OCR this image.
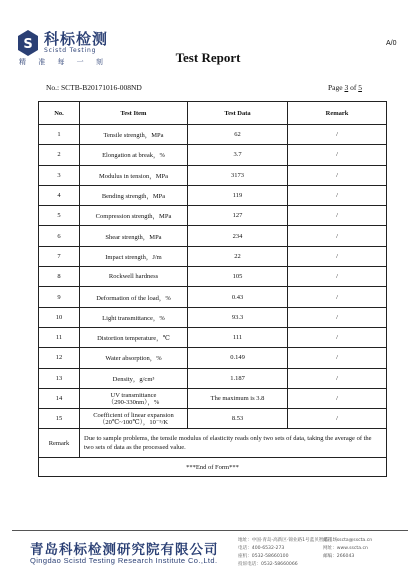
S 科标检测
Scistd Testing
精 准 每 一 刻
A/0
Test Report
No.: SCTB-B20171016-008ND	Page 3 of 5
No.	Test Item	Test Data	Remark
1	Tensile strength，MPa	62	/
2	Elongation at break，%	3.7	/
3	Modulus in tension，MPa	3173	/
4	Bending strength，MPa	119	/
5	Compression strength，MPa	127	/
6	Shear strength，MPa	234	/
7	Impact strength，J/m	22	/
8	Rockwell hardness	105	/
9	Deformation of the load，%	0.43	/
10	Light transmittance，%	93.3	/
11	Distortion temperature，℃	111	/
12	Water absorption，%	0.149	/
13	Density，g/cm³	1.187	/
14	UV transmittance
（290-330nm），%	The maximum is 3.8	/
15	Coefficient of linear expansion
（20℃~100℃），10⁻⁵/K	8.53	/
Remark	Due to sample problems, the tensile modulus of elasticity reads only two sets of data, taking the average of the two sets of data as the processed value.		
***End of Form***			
青岛科标检测研究院有限公司
Qingdao Scistd Testing Research Institute Co.,Ltd.
地址：中国·青岛·高新区·锦业路1号蓝贝智造工场
电话：400-6532-273
座机：0532-58660100
投诉电话：0532-58660066
邮箱：sscta@sscta.cn
网址：www.sscta.cn
邮编：266043
